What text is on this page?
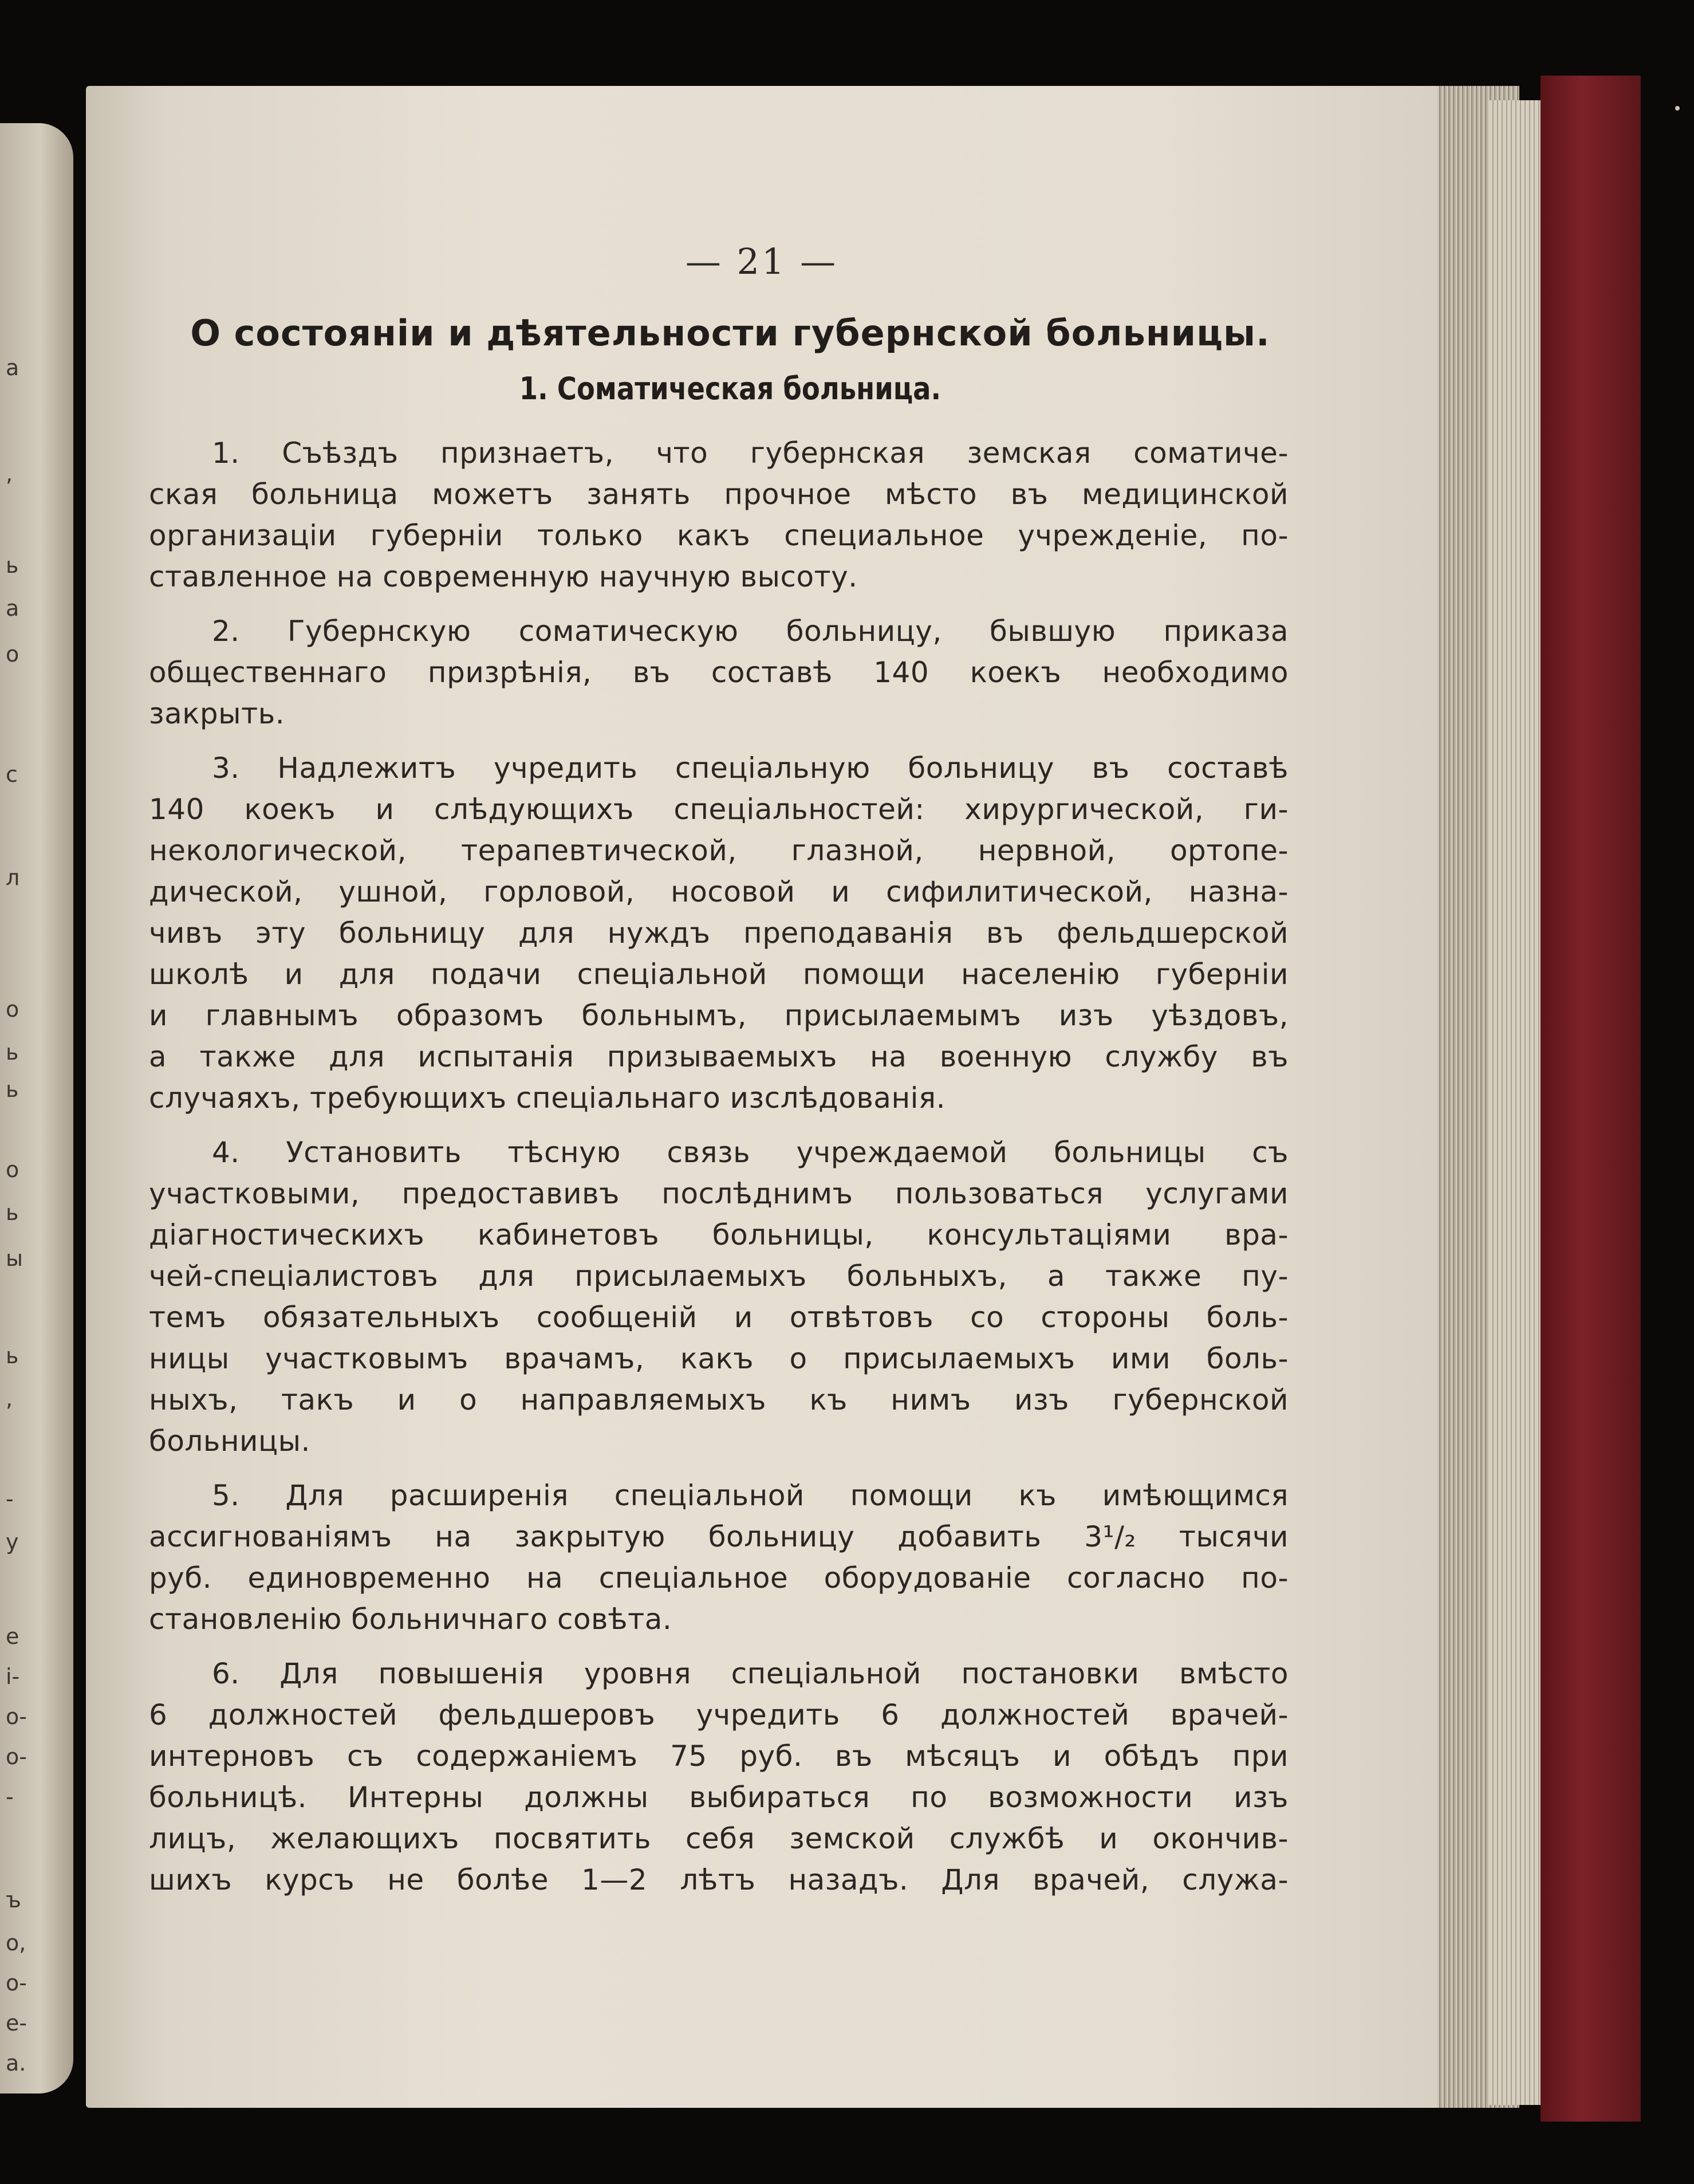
а
,
ь
а
о
с
л
о
ь
ь
о
ь
ы
ь
,
-
у
е
і-
о-
о-
-
ъ
о,
о-
е-
а.
— 21 —
О состояніи и дѣятельности губернской больницы.
1. Соматическая больница.
1. Съѣздъ признаетъ, что губернская земская соматиче-
ская больница можетъ занять прочное мѣсто въ медицинской
организаціи губерніи только какъ специальное учрежденіе, по-
ставленное на современную научную высоту.
2. Губернскую соматическую больницу, бывшую приказа
общественнаго призрѣнія, въ составѣ 140 коекъ необходимо
закрыть.
3. Надлежитъ учредить спеціальную больницу въ составѣ
140 коекъ и слѣдующихъ спеціальностей: хирургической, ги-
некологической, терапевтической, глазной, нервной, ортопе-
дической, ушной, горловой, носовой и сифилитической, назна-
чивъ эту больницу для нуждъ преподаванія въ фельдшерской
школѣ и для подачи спеціальной помощи населенію губерніи
и главнымъ образомъ больнымъ, присылаемымъ изъ уѣздовъ,
а также для испытанія призываемыхъ на военную службу въ
случаяхъ, требующихъ спеціальнаго изслѣдованія.
4. Установить тѣсную связь учреждаемой больницы съ
участковыми, предоставивъ послѣднимъ пользоваться услугами
діагностическихъ кабинетовъ больницы, консультаціями вра-
чей-спеціалистовъ для присылаемыхъ больныхъ, а также пу-
темъ обязательныхъ сообщеній и отвѣтовъ со стороны боль-
ницы участковымъ врачамъ, какъ о присылаемыхъ ими боль-
ныхъ, такъ и о направляемыхъ къ нимъ изъ губернской
больницы.
5. Для расширенія спеціальной помощи къ имѣющимся
ассигнованіямъ на закрытую больницу добавить 3¹/₂ тысячи
руб. единовременно на спеціальное оборудованіе согласно по-
становленію больничнаго совѣта.
6. Для повышенія уровня спеціальной постановки вмѣсто
6 должностей фельдшеровъ учредить 6 должностей врачей-
интерновъ съ содержаніемъ 75 руб. въ мѣсяцъ и обѣдъ при
больницѣ. Интерны должны выбираться по возможности изъ
лицъ, желающихъ посвятить себя земской службѣ и окончив-
шихъ курсъ не болѣе 1—2 лѣтъ назадъ. Для врачей, служа-
